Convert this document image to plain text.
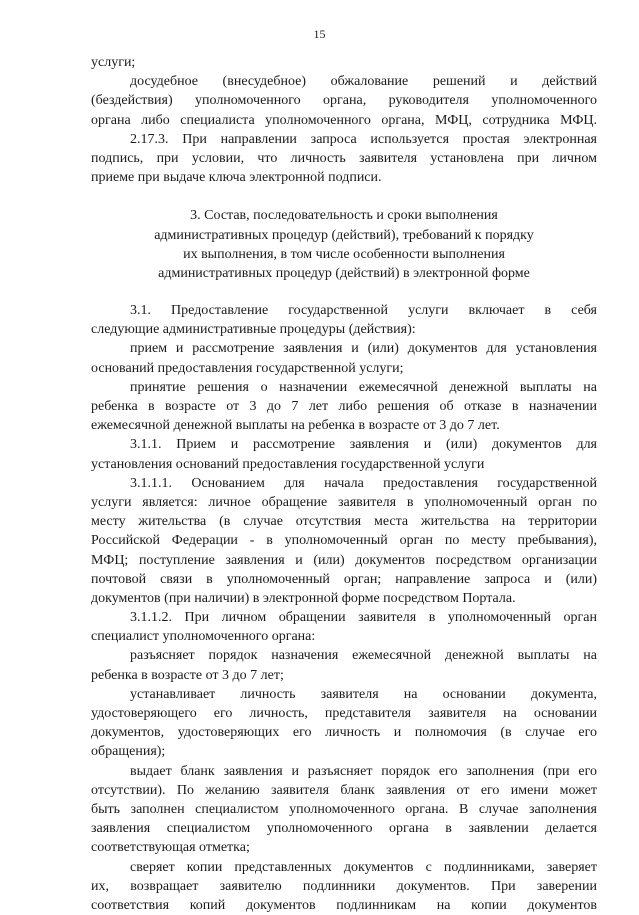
15
услуги;
досудебное (внесудебное) обжалование решений и действий
(бездействия) уполномоченного органа, руководителя уполномоченного
органа либо специалиста уполномоченного органа, МФЦ, сотрудника МФЦ.
2.17.3. При направлении запроса используется простая электронная
подпись, при условии, что личность заявителя установлена при личном
приеме при выдаче ключа электронной подписи.
3. Состав, последовательность и сроки выполнения
административных процедур (действий), требований к порядку
их выполнения, в том числе особенности выполнения
административных процедур (действий) в электронной форме
3.1. Предоставление государственной услуги включает в себя
следующие административные процедуры (действия):
прием и рассмотрение заявления и (или) документов для установления
оснований предоставления государственной услуги;
принятие решения о назначении ежемесячной денежной выплаты на
ребенка в возрасте от 3 до 7 лет либо решения об отказе в назначении
ежемесячной денежной выплаты на ребенка в возрасте от 3 до 7 лет.
3.1.1. Прием и рассмотрение заявления и (или) документов для
установления оснований предоставления государственной услуги
3.1.1.1. Основанием для начала предоставления государственной
услуги является: личное обращение заявителя в уполномоченный орган по
месту жительства (в случае отсутствия места жительства на территории
Российской Федерации - в уполномоченный орган по месту пребывания),
МФЦ; поступление заявления и (или) документов посредством организации
почтовой связи в уполномоченный орган; направление запроса и (или)
документов (при наличии) в электронной форме посредством Портала.
3.1.1.2. При личном обращении заявителя в уполномоченный орган
специалист уполномоченного органа:
разъясняет порядок назначения ежемесячной денежной выплаты на
ребенка в возрасте от 3 до 7 лет;
устанавливает личность заявителя на основании документа,
удостоверяющего его личность, представителя заявителя на основании
документов, удостоверяющих его личность и полномочия (в случае его
обращения);
выдает бланк заявления и разъясняет порядок его заполнения (при его
отсутствии). По желанию заявителя бланк заявления от его имени может
быть заполнен специалистом уполномоченного органа. В случае заполнения
заявления специалистом уполномоченного органа в заявлении делается
соответствующая отметка;
сверяет копии представленных документов с подлинниками, заверяет
их, возвращает заявителю подлинники документов. При заверении
соответствия копий документов подлинникам на копии документов
